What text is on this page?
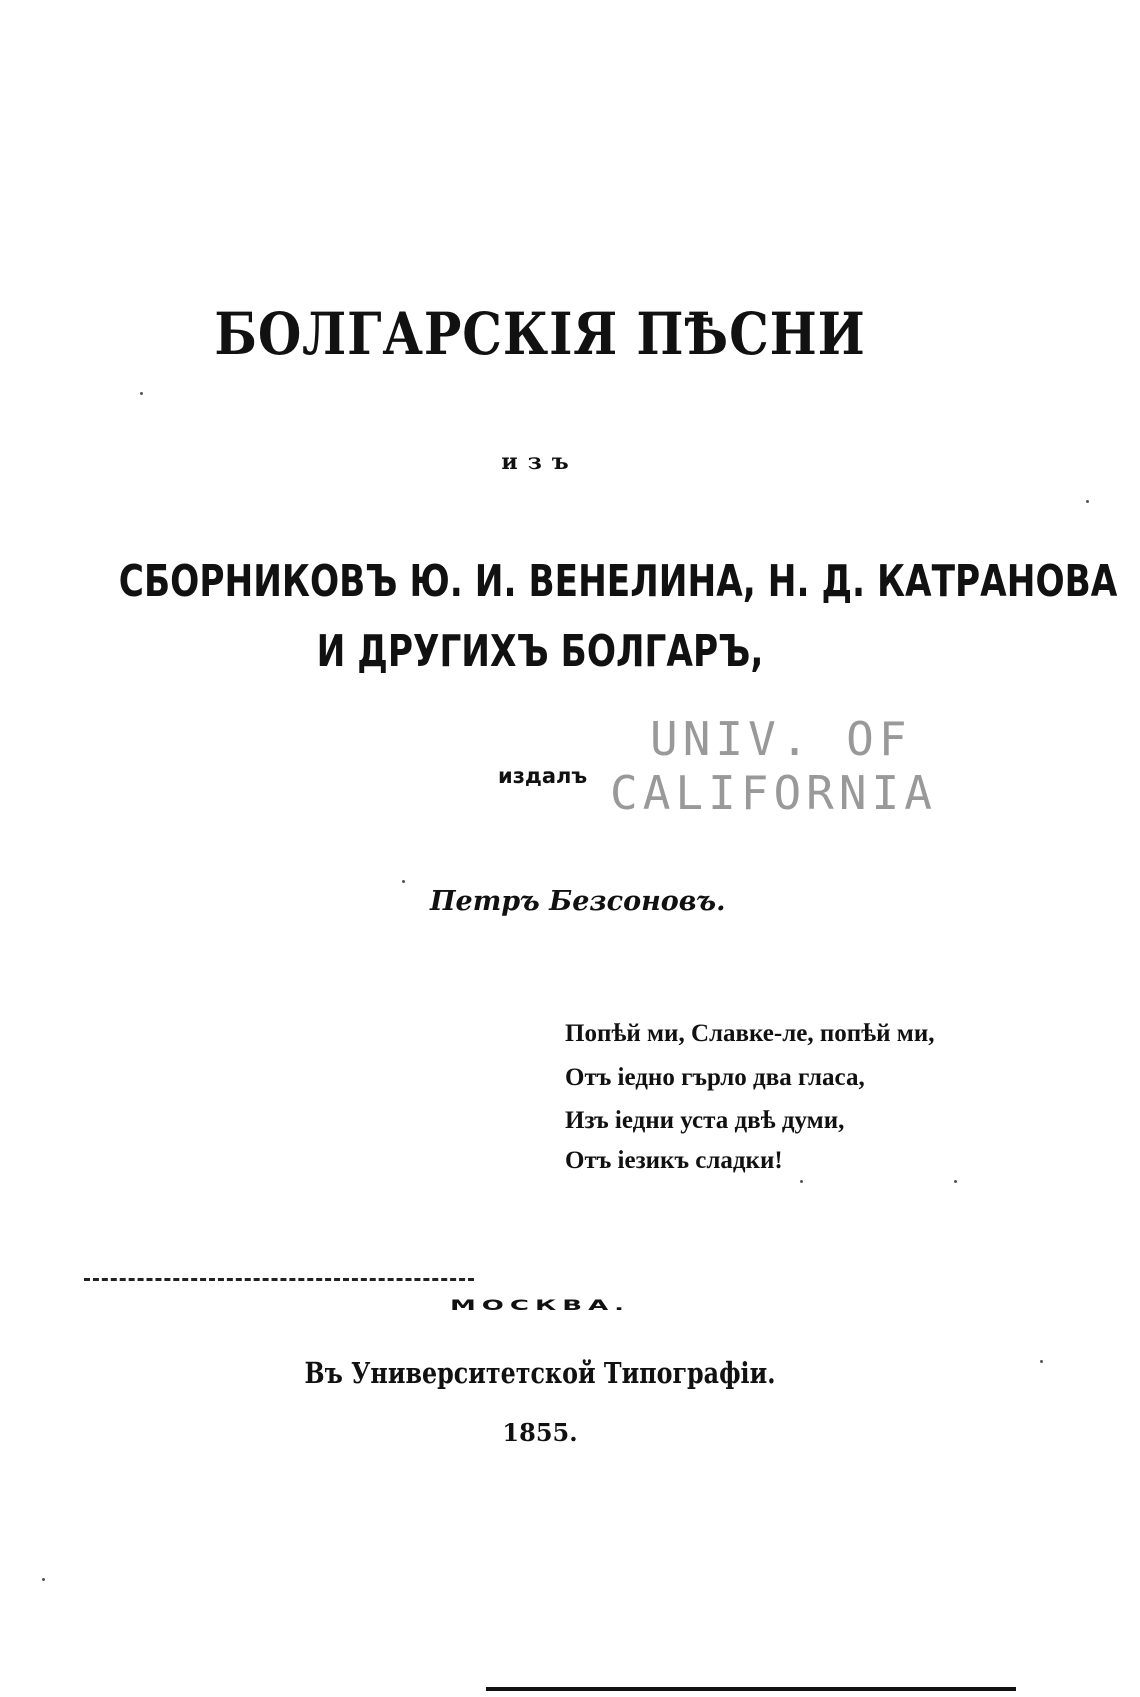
БОЛГАРСКІЯ ПѢСНИ
изъ
СБОРНИКОВЪ Ю. И. ВЕНЕЛИНА, Н. Д. КАТРАНОВА
И ДРУГИХЪ БОЛГАРЪ,
издалъ
UNIV. OF
CALIFORNIA
Петръ Безсоновъ.
Попѣй ми, Славке-ле, попѣй ми,
Отъ іедно гърло два гласа,
Изъ іедни уста двѣ думи,
Отъ іезикъ сладки!
МОСКВА.
Въ Университетской Типографіи.
1855.
